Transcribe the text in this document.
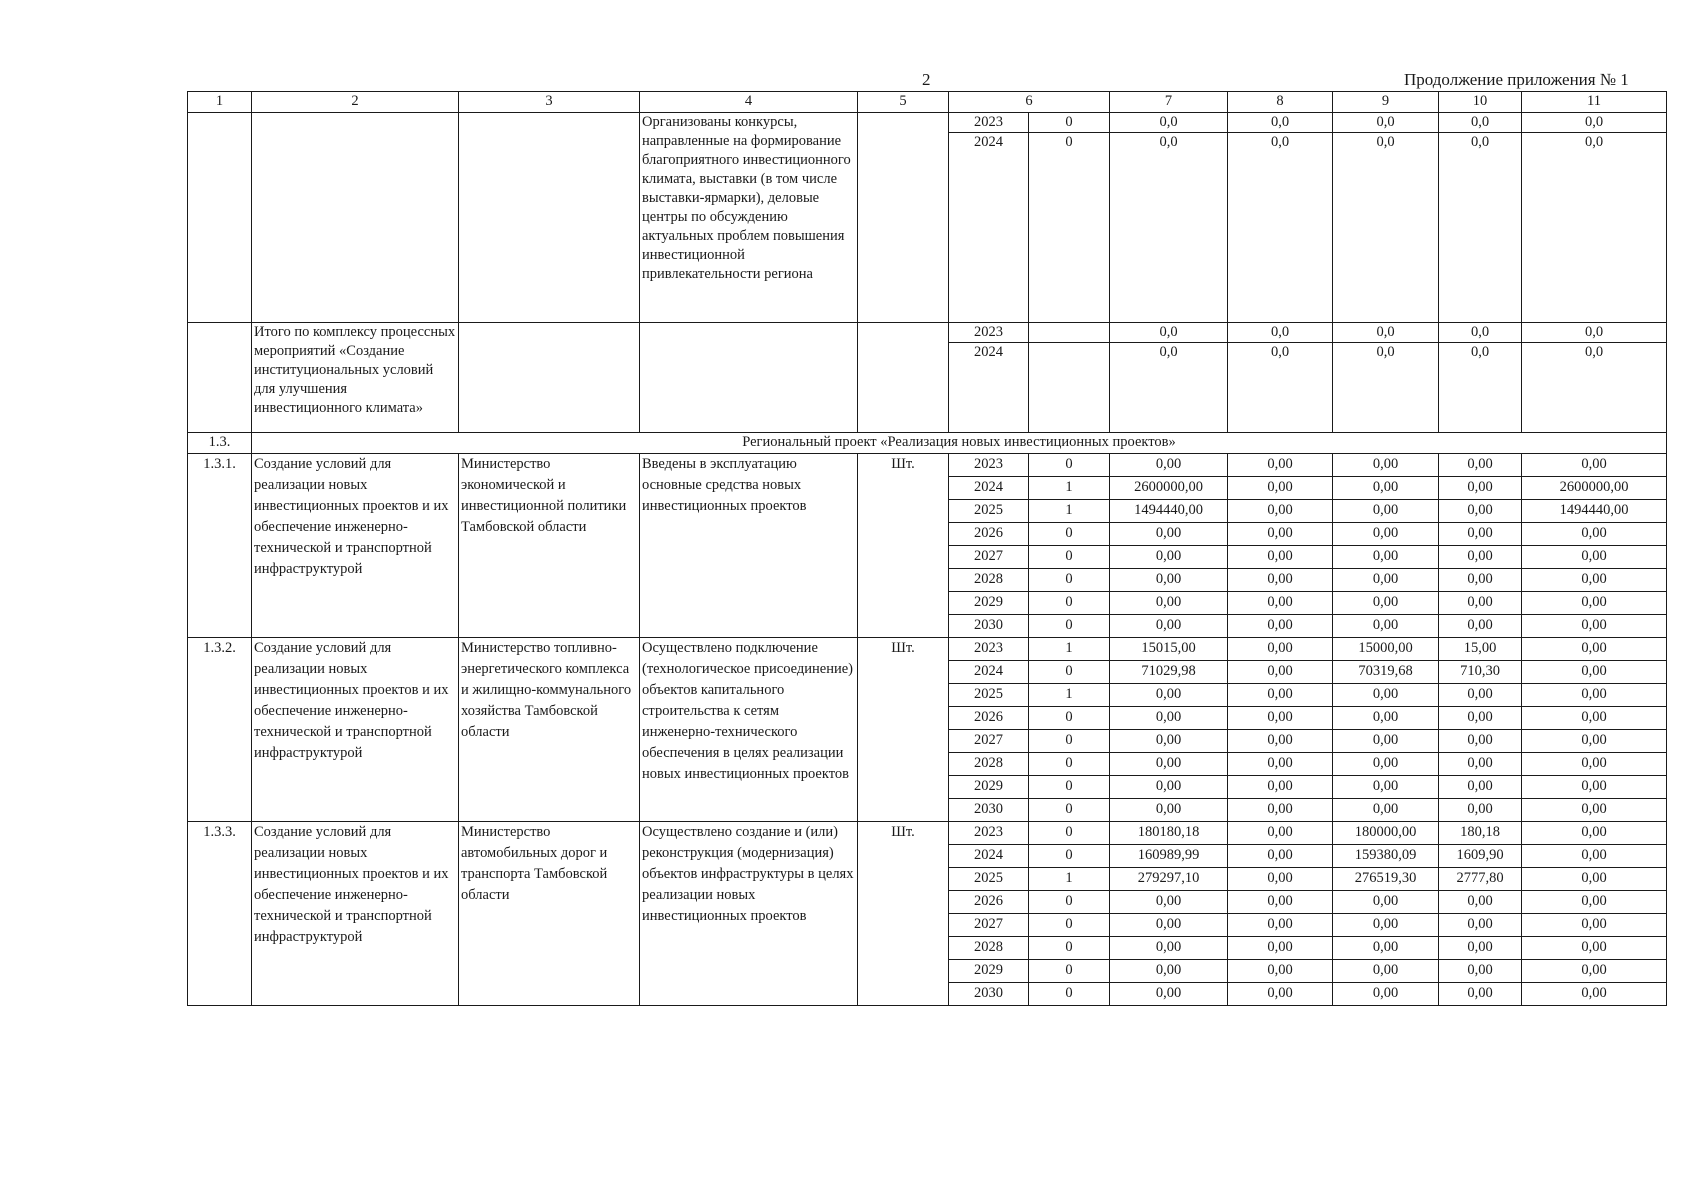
2	Продолжение приложения № 1
1	2	3	4	5	6		7	8	9	10	11
			Организованы конкурсы, направленные на формирование благоприятного инвестиционного климата, выставки (в том числе выставки-ярмарки), деловые центры по обсуждению актуальных проблем повышения инвестиционной привлекательности региона		2023	0	0,0	0,0	0,0	0,0	0,0
					2024	0	0,0	0,0	0,0	0,0	0,0
	Итого по комплексу процессных мероприятий «Создание институциональных условий для улучшения инвестиционного климата»				2023		0,0	0,0	0,0	0,0	0,0
					2024		0,0	0,0	0,0	0,0	0,0
1.3.	Региональный проект «Реализация новых инвестиционных проектов»										
1.3.1.	Создание условий для реализации новых инвестиционных проектов и их обеспечение инженерно-технической и транспортной инфраструктурой	Министерство экономической и инвестиционной политики Тамбовской области	Введены в эксплуатацию основные средства новых инвестиционных проектов	Шт.	2023	0	0,00	0,00	0,00	0,00	0,00
					2024	1	2600000,00	0,00	0,00	0,00	2600000,00
					2025	1	1494440,00	0,00	0,00	0,00	1494440,00
					2026	0	0,00	0,00	0,00	0,00	0,00
					2027	0	0,00	0,00	0,00	0,00	0,00
					2028	0	0,00	0,00	0,00	0,00	0,00
					2029	0	0,00	0,00	0,00	0,00	0,00
					2030	0	0,00	0,00	0,00	0,00	0,00
1.3.2.	Создание условий для реализации новых инвестиционных проектов и их обеспечение инженерно-технической и транспортной инфраструктурой	Министерство топливно-энергетического комплекса и жилищно-коммунального хозяйства Тамбовской области	Осуществлено подключение (технологическое присоединение) объектов капитального строительства к сетям инженерно-технического обеспечения в целях реализации новых инвестиционных проектов	Шт.	2023	1	15015,00	0,00	15000,00	15,00	0,00
					2024	0	71029,98	0,00	70319,68	710,30	0,00
					2025	1	0,00	0,00	0,00	0,00	0,00
					2026	0	0,00	0,00	0,00	0,00	0,00
					2027	0	0,00	0,00	0,00	0,00	0,00
					2028	0	0,00	0,00	0,00	0,00	0,00
					2029	0	0,00	0,00	0,00	0,00	0,00
					2030	0	0,00	0,00	0,00	0,00	0,00
1.3.3.	Создание условий для реализации новых инвестиционных проектов и их обеспечение инженерно-технической и транспортной инфраструктурой	Министерство автомобильных дорог и транспорта Тамбовской области	Осуществлено создание и (или) реконструкция (модернизация) объектов инфраструктуры в целях реализации новых инвестиционных проектов	Шт.	2023	0	180180,18	0,00	180000,00	180,18	0,00
					2024	0	160989,99	0,00	159380,09	1609,90	0,00
					2025	1	279297,10	0,00	276519,30	2777,80	0,00
					2026	0	0,00	0,00	0,00	0,00	0,00
					2027	0	0,00	0,00	0,00	0,00	0,00
					2028	0	0,00	0,00	0,00	0,00	0,00
					2029	0	0,00	0,00	0,00	0,00	0,00
					2030	0	0,00	0,00	0,00	0,00	0,00
